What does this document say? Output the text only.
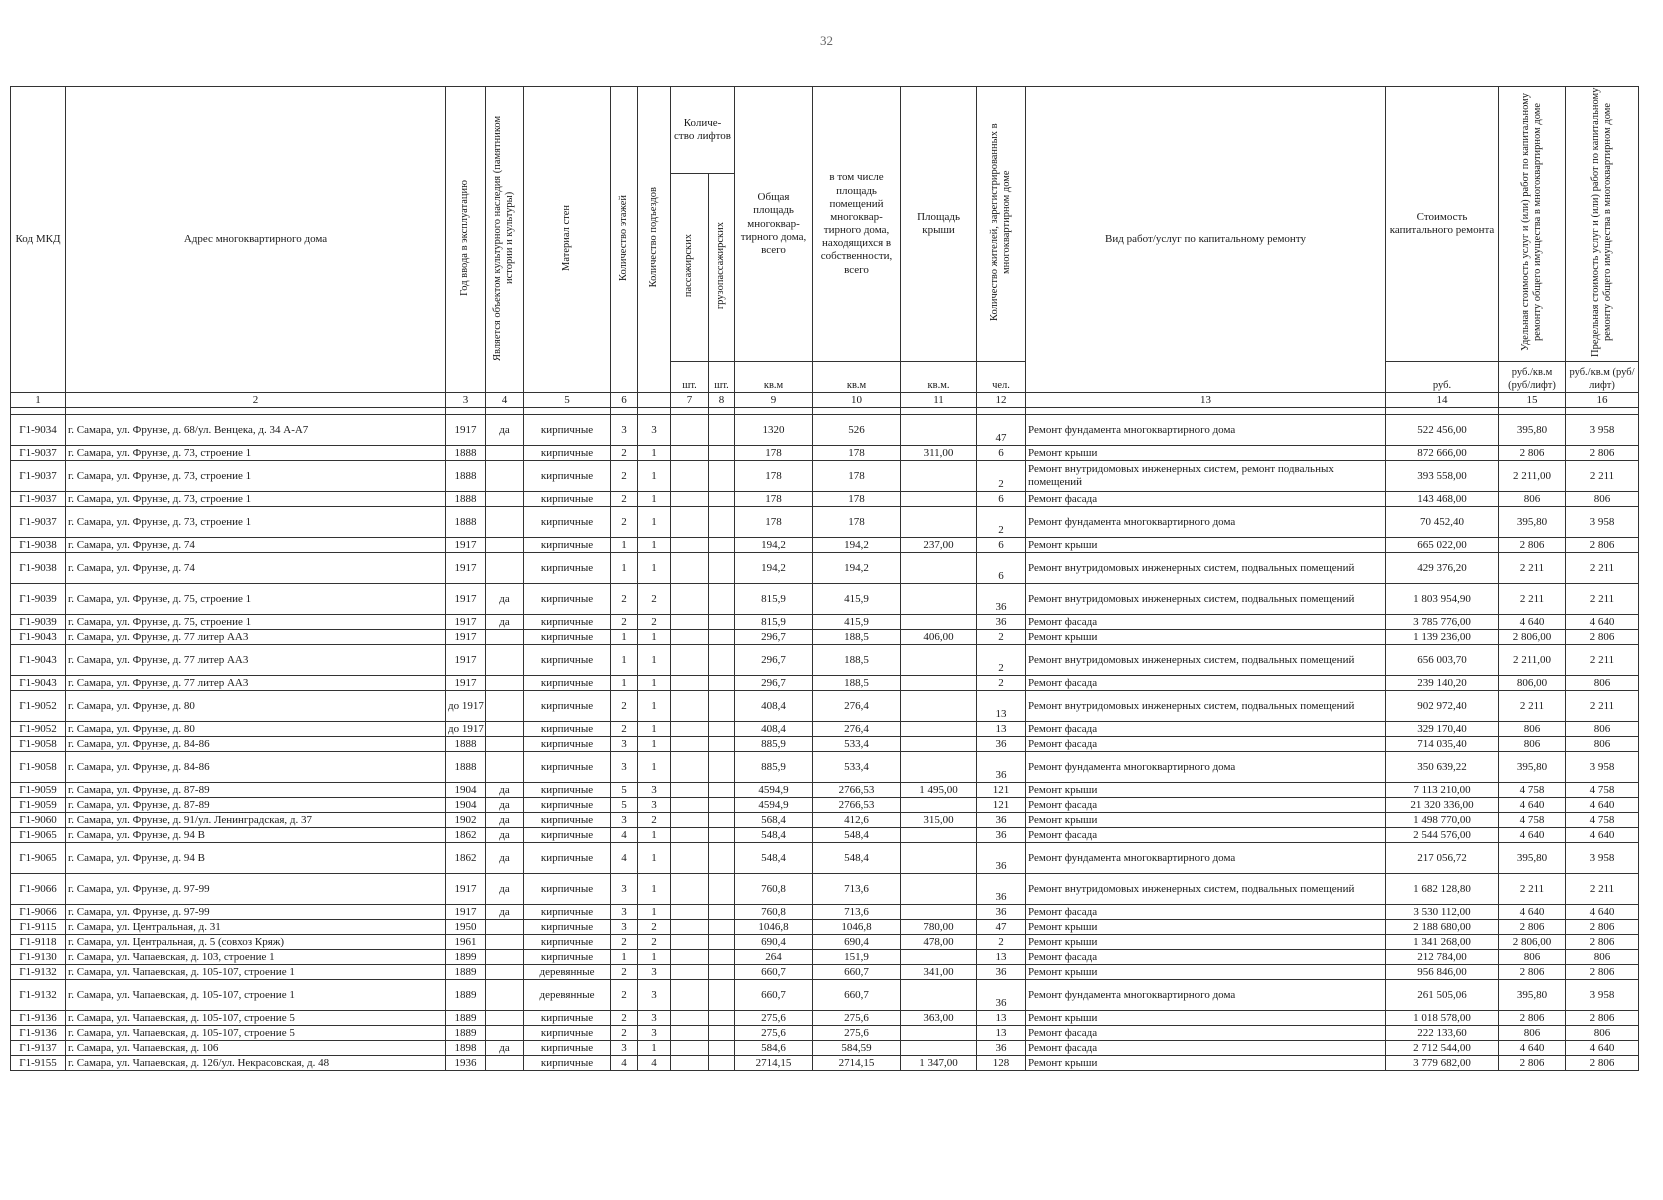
32
Код МКД	Адрес многоквартирного дома	Год ввода в эксплуатацию	Является объектом культурного наследия (памятником истории и культуры)	Материал стен	Количество этажей	Количество подъездов	Количе- ство лифтов		Общая площадь многоквар- тирного дома, всего	в том числе площадь помещений многоквар- тирного дома, находящихся в собственности, всего	Площадь крыши	Количество жителей, зарегистрированных в многоквартирном доме	Вид работ/услуг по капитальному ремонту	Стоимость капитального ремонта	Удельная стоимость услуг и (или) работ по капитальному ремонту общего имущества в многоквартирном доме	Предельная стоимость услуг и (или) работ по капитальному ремонту общего имущества в многоквартирном доме
							пассажирских	грузопассажирских								
							шт.	шт.	кв.м	кв.м	кв.м.	чел.		руб.	руб./кв.м (руб/лифт)	руб./кв.м (руб/лифт)
1	2	3	4	5	6		7	8	9	10	11	12	13	14	15	16

Г1-9034	г. Самара, ул. Фрунзе, д. 68/ул. Венцека, д. 34 А-А7	1917	да	кирпичные	3	3			1320	526		47	Ремонт фундамента многоквартирного дома	522 456,00	395,80	3 958
Г1-9037	г. Самара, ул. Фрунзе, д. 73, строение 1	1888		кирпичные	2	1			178	178	311,00	6	Ремонт крыши	872 666,00	2 806	2 806
Г1-9037	г. Самара, ул. Фрунзе, д. 73, строение 1	1888		кирпичные	2	1			178	178		2	Ремонт внутридомовых инженерных систем, ремонт подвальных помещений	393 558,00	2 211,00	2 211
Г1-9037	г. Самара, ул. Фрунзе, д. 73, строение 1	1888		кирпичные	2	1			178	178		6	Ремонт фасада	143 468,00	806	806
Г1-9037	г. Самара, ул. Фрунзе, д. 73, строение 1	1888		кирпичные	2	1			178	178		2	Ремонт фундамента многоквартирного дома	70 452,40	395,80	3 958
Г1-9038	г. Самара, ул. Фрунзе, д. 74	1917		кирпичные	1	1			194,2	194,2	237,00	6	Ремонт крыши	665 022,00	2 806	2 806
Г1-9038	г. Самара, ул. Фрунзе, д. 74	1917		кирпичные	1	1			194,2	194,2		6	Ремонт внутридомовых инженерных систем, подвальных помещений	429 376,20	2 211	2 211
Г1-9039	г. Самара, ул. Фрунзе, д. 75, строение 1	1917	да	кирпичные	2	2			815,9	415,9		36	Ремонт внутридомовых инженерных систем, подвальных помещений	1 803 954,90	2 211	2 211
Г1-9039	г. Самара, ул. Фрунзе, д. 75, строение 1	1917	да	кирпичные	2	2			815,9	415,9		36	Ремонт фасада	3 785 776,00	4 640	4 640
Г1-9043	г. Самара, ул. Фрунзе, д. 77 литер АА3	1917		кирпичные	1	1			296,7	188,5	406,00	2	Ремонт крыши	1 139 236,00	2 806,00	2 806
Г1-9043	г. Самара, ул. Фрунзе, д. 77 литер АА3	1917		кирпичные	1	1			296,7	188,5		2	Ремонт внутридомовых инженерных систем, подвальных помещений	656 003,70	2 211,00	2 211
Г1-9043	г. Самара, ул. Фрунзе, д. 77 литер АА3	1917		кирпичные	1	1			296,7	188,5		2	Ремонт фасада	239 140,20	806,00	806
Г1-9052	г. Самара, ул. Фрунзе, д. 80	до 1917		кирпичные	2	1			408,4	276,4		13	Ремонт внутридомовых инженерных систем, подвальных помещений	902 972,40	2 211	2 211
Г1-9052	г. Самара, ул. Фрунзе, д. 80	до 1917		кирпичные	2	1			408,4	276,4		13	Ремонт фасада	329 170,40	806	806
Г1-9058	г. Самара, ул. Фрунзе, д. 84-86	1888		кирпичные	3	1			885,9	533,4		36	Ремонт фасада	714 035,40	806	806
Г1-9058	г. Самара, ул. Фрунзе, д. 84-86	1888		кирпичные	3	1			885,9	533,4		36	Ремонт фундамента многоквартирного дома	350 639,22	395,80	3 958
Г1-9059	г. Самара, ул. Фрунзе, д. 87-89	1904	да	кирпичные	5	3			4594,9	2766,53	1 495,00	121	Ремонт крыши	7 113 210,00	4 758	4 758
Г1-9059	г. Самара, ул. Фрунзе, д. 87-89	1904	да	кирпичные	5	3			4594,9	2766,53		121	Ремонт фасада	21 320 336,00	4 640	4 640
Г1-9060	г. Самара, ул. Фрунзе, д. 91/ул. Ленинградская, д. 37	1902	да	кирпичные	3	2			568,4	412,6	315,00	36	Ремонт крыши	1 498 770,00	4 758	4 758
Г1-9065	г. Самара, ул. Фрунзе, д. 94 В	1862	да	кирпичные	4	1			548,4	548,4		36	Ремонт фасада	2 544 576,00	4 640	4 640
Г1-9065	г. Самара, ул. Фрунзе, д. 94 В	1862	да	кирпичные	4	1			548,4	548,4		36	Ремонт фундамента многоквартирного дома	217 056,72	395,80	3 958
Г1-9066	г. Самара, ул. Фрунзе, д. 97-99	1917	да	кирпичные	3	1			760,8	713,6		36	Ремонт внутридомовых инженерных систем, подвальных помещений	1 682 128,80	2 211	2 211
Г1-9066	г. Самара, ул. Фрунзе, д. 97-99	1917	да	кирпичные	3	1			760,8	713,6		36	Ремонт фасада	3 530 112,00	4 640	4 640
Г1-9115	г. Самара, ул. Центральная, д. 31	1950		кирпичные	3	2			1046,8	1046,8	780,00	47	Ремонт крыши	2 188 680,00	2 806	2 806
Г1-9118	г. Самара, ул. Центральная, д. 5 (совхоз Кряж)	1961		кирпичные	2	2			690,4	690,4	478,00	2	Ремонт крыши	1 341 268,00	2 806,00	2 806
Г1-9130	г. Самара, ул. Чапаевская, д. 103, строение 1	1899		кирпичные	1	1			264	151,9		13	Ремонт фасада	212 784,00	806	806
Г1-9132	г. Самара, ул. Чапаевская, д. 105-107, строение 1	1889		деревянные	2	3			660,7	660,7	341,00	36	Ремонт крыши	956 846,00	2 806	2 806
Г1-9132	г. Самара, ул. Чапаевская, д. 105-107, строение 1	1889		деревянные	2	3			660,7	660,7		36	Ремонт фундамента многоквартирного дома	261 505,06	395,80	3 958
Г1-9136	г. Самара, ул. Чапаевская, д. 105-107, строение 5	1889		кирпичные	2	3			275,6	275,6	363,00	13	Ремонт крыши	1 018 578,00	2 806	2 806
Г1-9136	г. Самара, ул. Чапаевская, д. 105-107, строение 5	1889		кирпичные	2	3			275,6	275,6		13	Ремонт фасада	222 133,60	806	806
Г1-9137	г. Самара, ул. Чапаевская, д. 106	1898	да	кирпичные	3	1			584,6	584,59		36	Ремонт фасада	2 712 544,00	4 640	4 640
Г1-9155	г. Самара, ул. Чапаевская, д. 126/ул. Некрасовская, д. 48	1936		кирпичные	4	4			2714,15	2714,15	1 347,00	128	Ремонт крыши	3 779 682,00	2 806	2 806
